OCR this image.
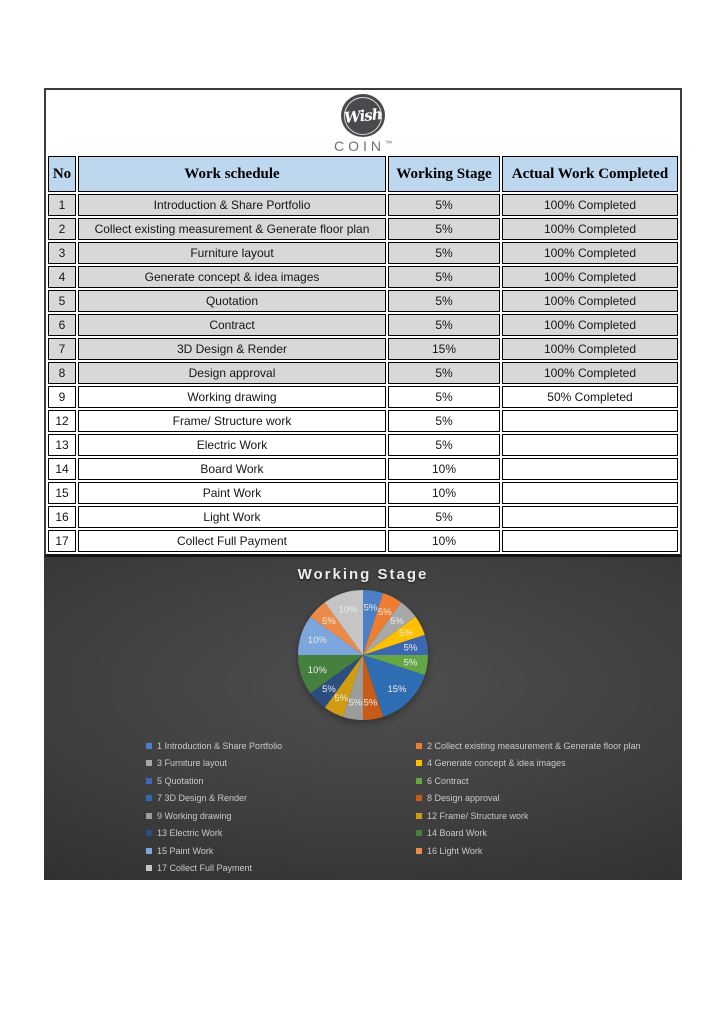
Wish
COIN™
No	Work schedule	Working Stage	Actual Work Completed
1	Introduction & Share Portfolio	5%	100% Completed
2	Collect existing measurement & Generate floor plan	5%	100% Completed
3	Furniture layout	5%	100% Completed
4	Generate concept & idea images	5%	100% Completed
5	Quotation	5%	100% Completed
6	Contract	5%	100% Completed
7	3D Design & Render	15%	100% Completed
8	Design approval	5%	100% Completed
9	Working drawing	5%	50% Completed
12	Frame/ Structure work	5%	
13	Electric Work	5%	
14	Board Work	10%	
15	Paint Work	10%	
16	Light Work	5%	
17	Collect Full Payment	10%	
Working Stage
5% 5%
5%
5%
5%
5%
15%
5%
5%
5%
5%
10%
10%
5%
10%
1 Introduction & Share Portfolio	2 Collect existing measurement & Generate floor plan
3 Furniture layout	4 Generate concept & idea images
5 Quotation	6 Contract
7 3D Design & Render	8 Design approval
9 Working drawing	12 Frame/ Structure work
13 Electric Work	14 Board Work
15 Paint Work	16 Light Work
17 Collect Full Payment
